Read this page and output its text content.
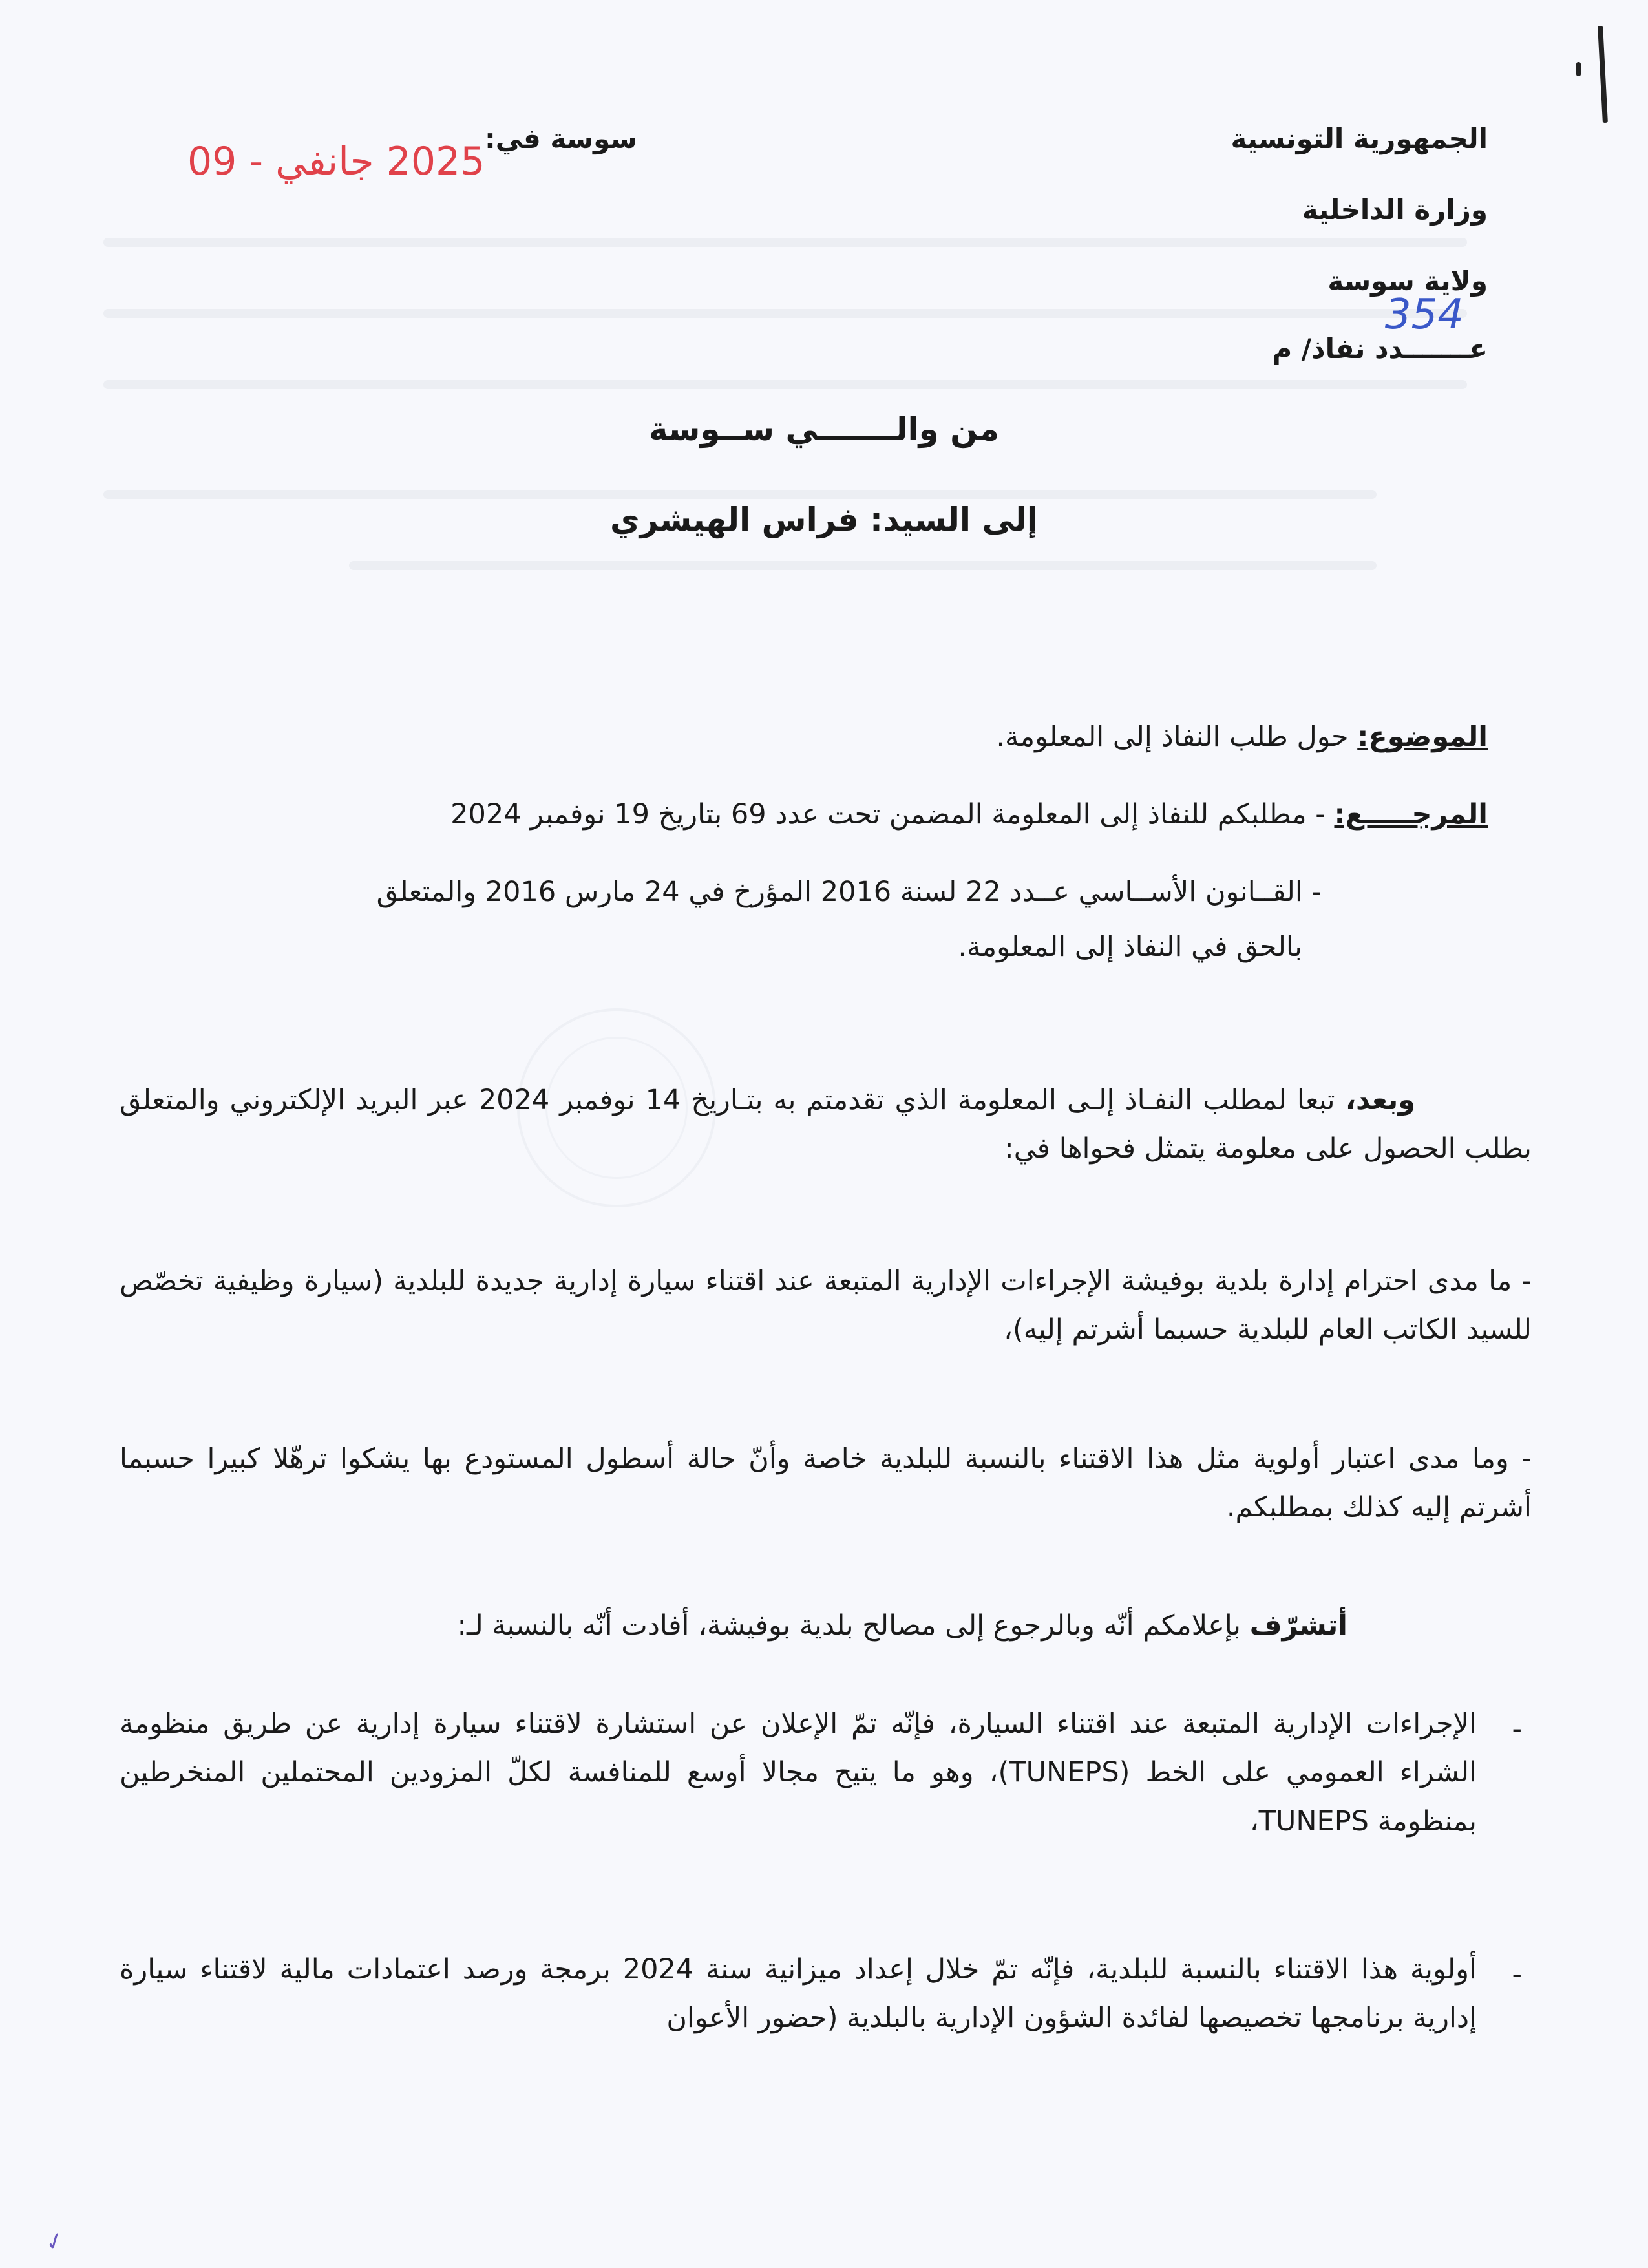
الجمهورية التونسية
وزارة الداخلية
ولاية سوسة
عـــــــدد نفاذ/ م
354
سوسة في:
2025 جانفي - 09
من والـــــــي ســوسة
إلى السيد: فراس الهيشري
الموضوع: حول طلب النفاذ إلى المعلومة.
المرجـــــع: - مطلبكم للنفاذ إلى المعلومة المضمن تحت عدد 69 بتاريخ 19 نوفمبر 2024
- القــانون الأســاسي عــدد 22 لسنة 2016 المؤرخ في 24 مارس 2016 والمتعلق
بالحق في النفاذ إلى المعلومة.
وبعد، تبعا لمطلب النفـاذ إلـى المعلومة الذي تقدمتم به بتـاريخ 14 نوفمبر 2024 عبر البريد الإلكتروني والمتعلق بطلب الحصول على معلومة يتمثل فحواها في:
- ما مدى احترام إدارة بلدية بوفيشة الإجراءات الإدارية المتبعة عند اقتناء سيارة إدارية جديدة للبلدية (سيارة وظيفية تخصّص للسيد الكاتب العام للبلدية حسبما أشرتم إليه)،
- وما مدى اعتبار أولوية مثل هذا الاقتناء بالنسبة للبلدية خاصة وأنّ حالة أسطول المستودع بها يشكوا ترهّلا كبيرا حسبما أشرتم إليه كذلك بمطلبكم.
أتشرّف بإعلامكم أنّه وبالرجوع إلى مصالح بلدية بوفيشة، أفادت أنّه بالنسبة لـ:
-
الإجراءات الإدارية المتبعة عند اقتناء السيارة، فإنّه تمّ الإعلان عن استشارة لاقتناء سيارة إدارية عن طريق منظومة الشراء العمومي على الخط (TUNEPS)، وهو ما يتيح مجالا أوسع للمنافسة لكلّ المزودين المحتملين المنخرطين بمنظومة TUNEPS،
-
أولوية هذا الاقتناء بالنسبة للبلدية، فإنّه تمّ خلال إعداد ميزانية سنة 2024 برمجة ورصد اعتمادات مالية لاقتناء سيارة إدارية برنامجها تخصيصها لفائدة الشؤون الإدارية بالبلدية (حضور الأعوان
✓
